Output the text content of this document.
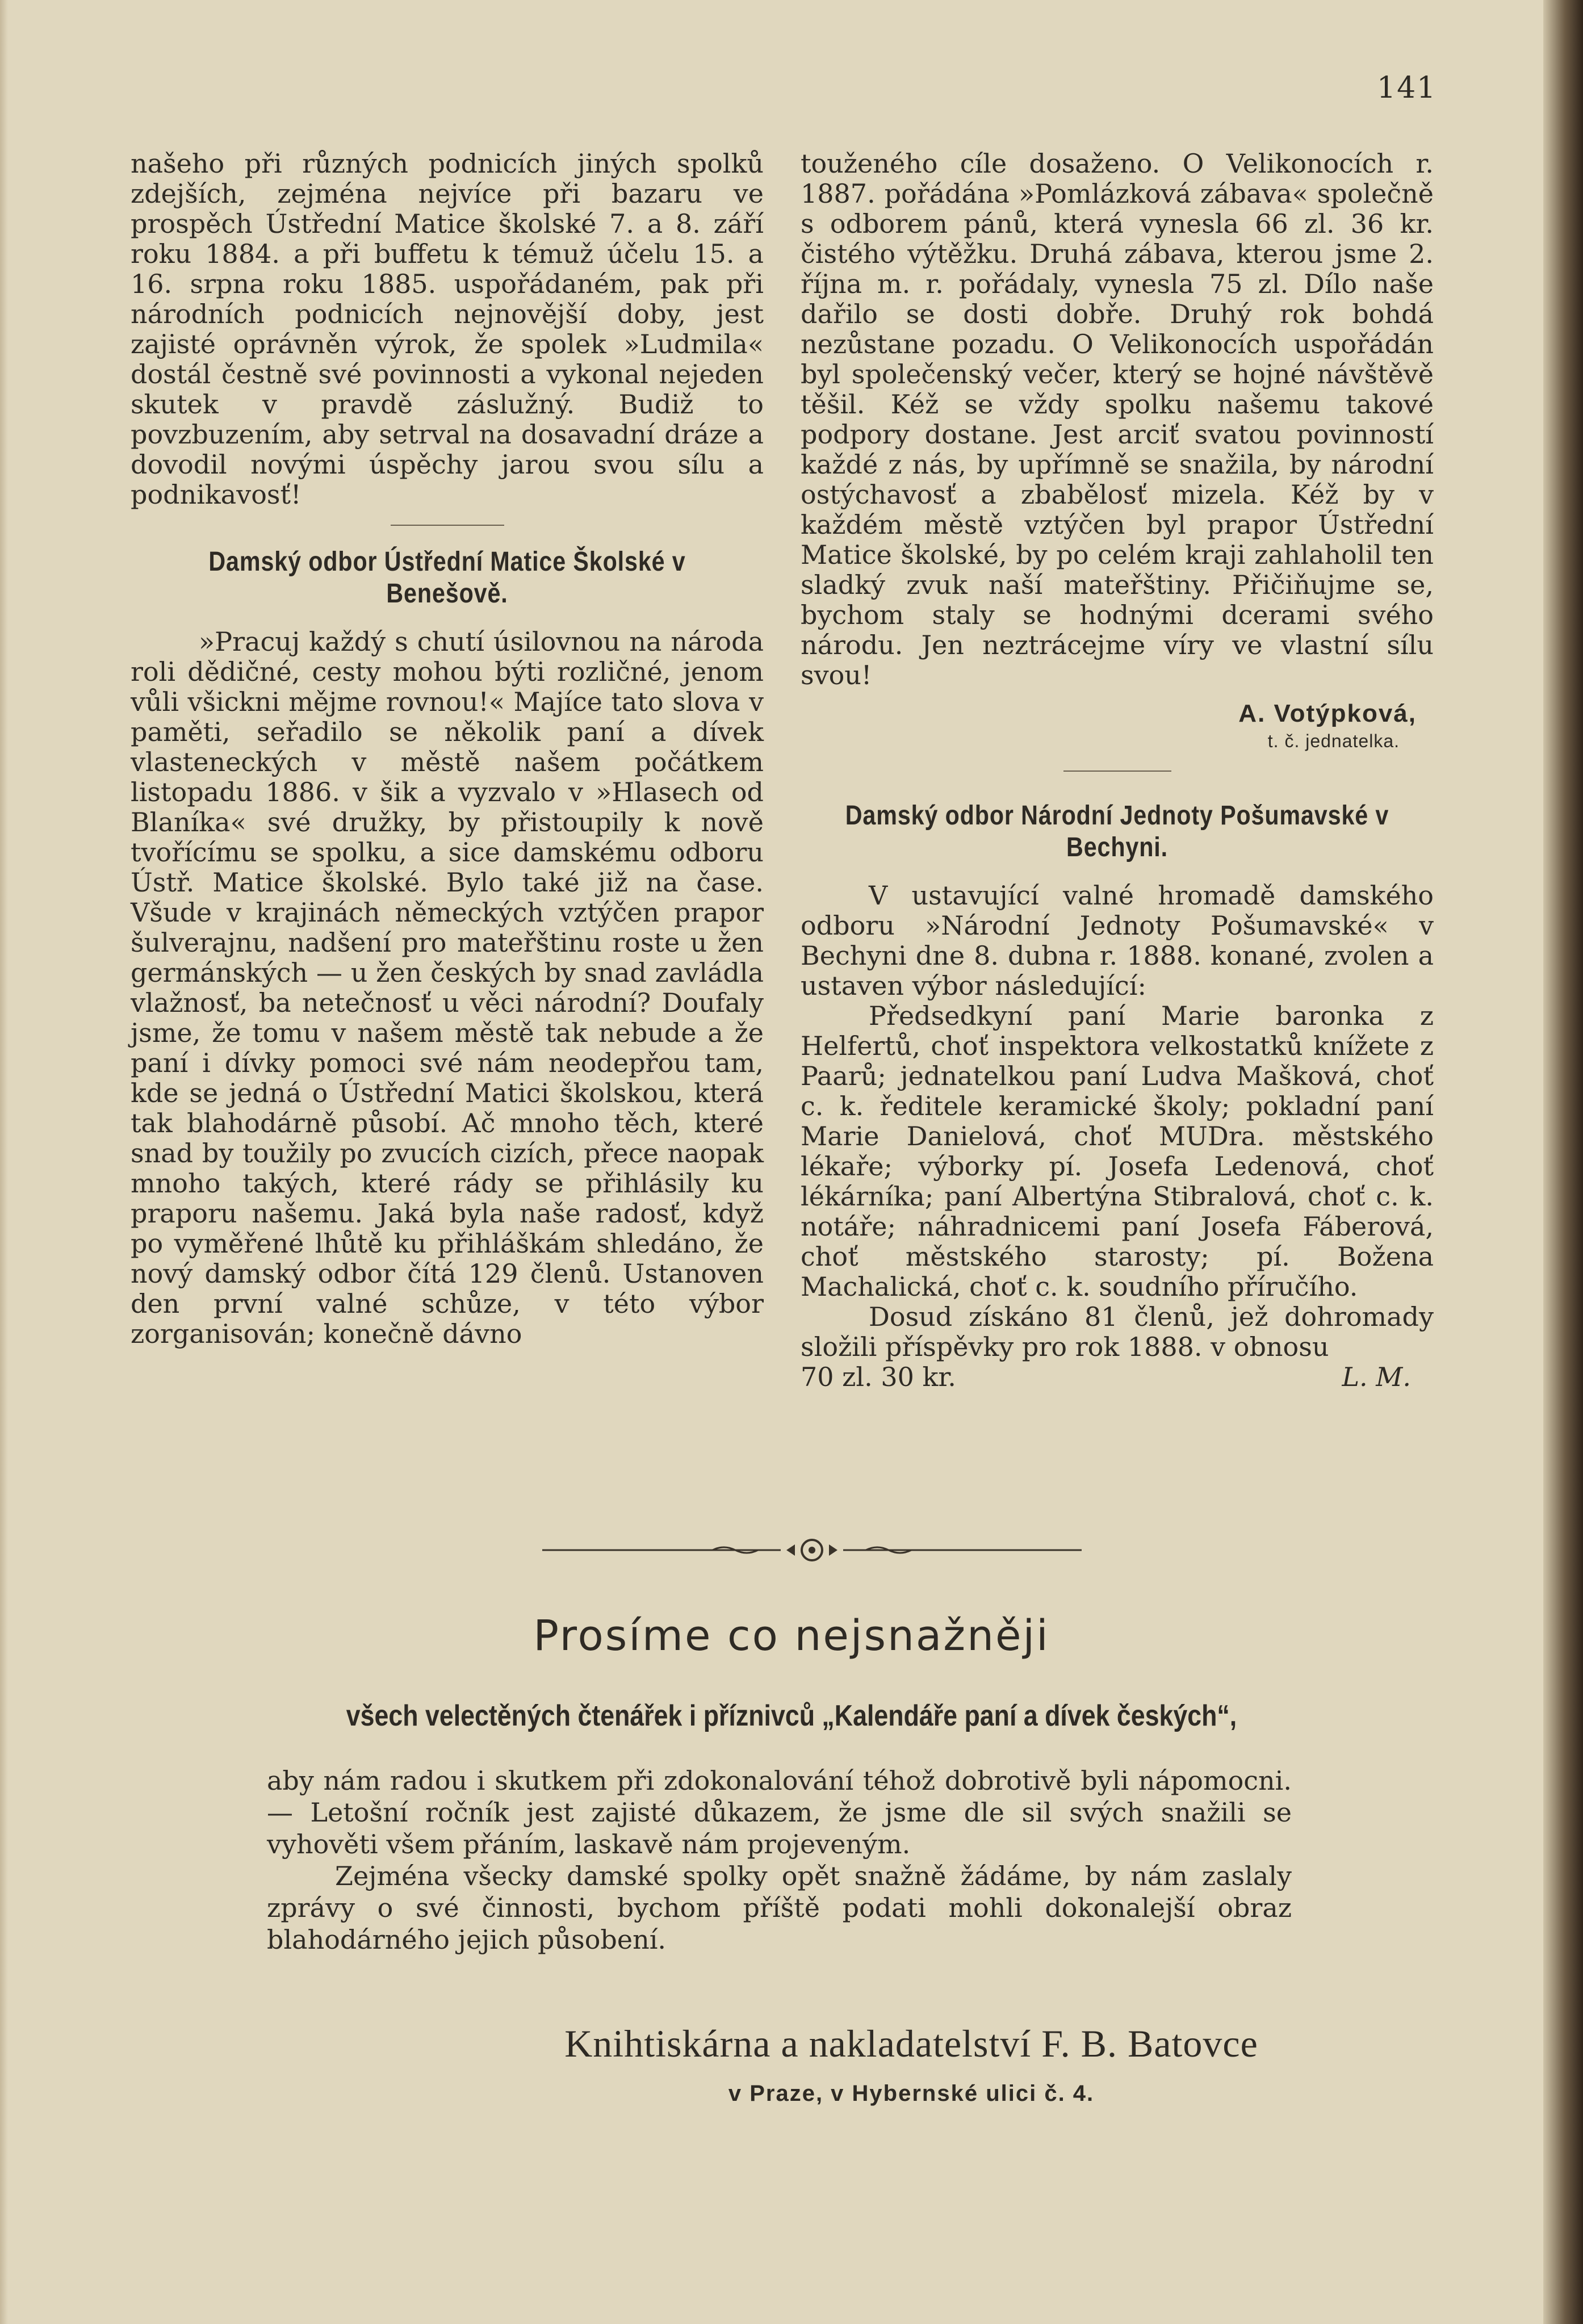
141

našeho při různých podnicích jiných spolků zdejších, zejména nejvíce při bazaru ve prospěch Ústřední Matice školské 7. a 8. září roku 1884. a při buffetu k témuž účelu 15. a 16. srpna roku 1885. uspořádaném, pak při národních podnicích nejnovější doby, jest zajisté oprávněn výrok, že spolek »Ludmila« dostál čestně své povinnosti a vykonal nejeden skutek v pravdě záslužný. Budiž to povzbuzením, aby setrval na dosavadní dráze a dovodil novými úspěchy jarou svou sílu a podnikavosť!

Damský odbor Ústřední Matice Školské v Benešově.

»Pracuj každý s chutí úsilovnou na národa roli dědičné, cesty mohou býti rozličné, jenom vůli všickni mějme rovnou!« Majíce tato slova v paměti, seřadilo se několik paní a dívek vlasteneckých v městě našem počátkem listopadu 1886. v šik a vyzvalo v »Hlasech od Blaníka« své družky, by přistoupily k nově tvořícímu se spolku, a sice damskému odboru Ústř. Matice školské. Bylo také již na čase. Všude v krajinách německých vztýčen prapor šulverajnu, nadšení pro mateřštinu roste u žen germánských — u žen českých by snad zavládla vlažnosť, ba netečnosť u věci národní? Doufaly jsme, že tomu v našem městě tak nebude a že paní i dívky pomoci své nám neodepřou tam, kde se jedná o Ústřední Matici školskou, která tak blahodárně působí. Ač mnoho těch, které snad by toužily po zvucích cizích, přece naopak mnoho takých, které rády se přihlásily ku praporu našemu. Jaká byla naše radosť, když po vyměřené lhůtě ku přihláškám shledáno, že nový damský odbor čítá 129 členů. Ustanoven den první valné schůze, v této výbor zorganisován; konečně dávno

touženého cíle dosaženo. O Velikonocích r. 1887. pořádána »Pomlázková zábava« společně s odborem pánů, která vynesla 66 zl. 36 kr. čistého výtěžku. Druhá zábava, kterou jsme 2. října m. r. pořádaly, vynesla 75 zl. Dílo naše dařilo se dosti dobře. Druhý rok bohdá nezůstane pozadu. O Velikonocích uspořádán byl společenský večer, který se hojné návštěvě těšil. Kéž se vždy spolku našemu takové podpory dostane. Jest arciť svatou povinností každé z nás, by upřímně se snažila, by národní ostýchavosť a zbabělosť mizela. Kéž by v každém městě vztýčen byl prapor Ústřední Matice školské, by po celém kraji zahlaholil ten sladký zvuk naší mateřštiny. Přičiňujme se, bychom staly se hodnými dcerami svého národu. Jen neztrácejme víry ve vlastní sílu svou!

A. Votýpková,
t. č. jednatelka.
Damský odbor Národní Jednoty Pošumavské v Bechyni.

V ustavující valné hromadě damského odboru »Národní Jednoty Pošumavské« v Bechyni dne 8. dubna r. 1888. konané, zvolen a ustaven výbor následující:

Předsedkyní paní Marie baronka z Helfertů, choť inspektora velkostatků knížete z Paarů; jednatelkou paní Ludva Mašková, choť c. k. ředitele keramické školy; pokladní paní Marie Danielová, choť MUDra. městského lékaře; výborky pí. Josefa Ledenová, choť lékárníka; paní Albertýna Stibralová, choť c. k. notáře; náhradnicemi paní Josefa Fáberová, choť městského starosty; pí. Božena Machalická, choť c. k. soudního příručího.

Dosud získáno 81 členů, jež dohromady složili příspěvky pro rok 1888. v obnosu

70 zl. 30 kr.	L. M.
Prosíme co nejsnažněji
všech velectěných čtenářek i příznivců „Kalendáře paní a dívek českých“,

aby nám radou i skutkem při zdokonalování téhož dobrotivě byli nápomocni. — Letošní ročník jest zajisté důkazem, že jsme dle sil svých snažili se vyhověti všem přáním, laskavě nám projeveným.

Zejména všecky damské spolky opět snažně žádáme, by nám zaslaly zprávy o své činnosti, bychom příště podati mohli dokonalejší obraz blahodárného jejich působení.

Knihtiskárna a nakladatelství F. B. Batovce
v Praze, v Hybernské ulici č. 4.
